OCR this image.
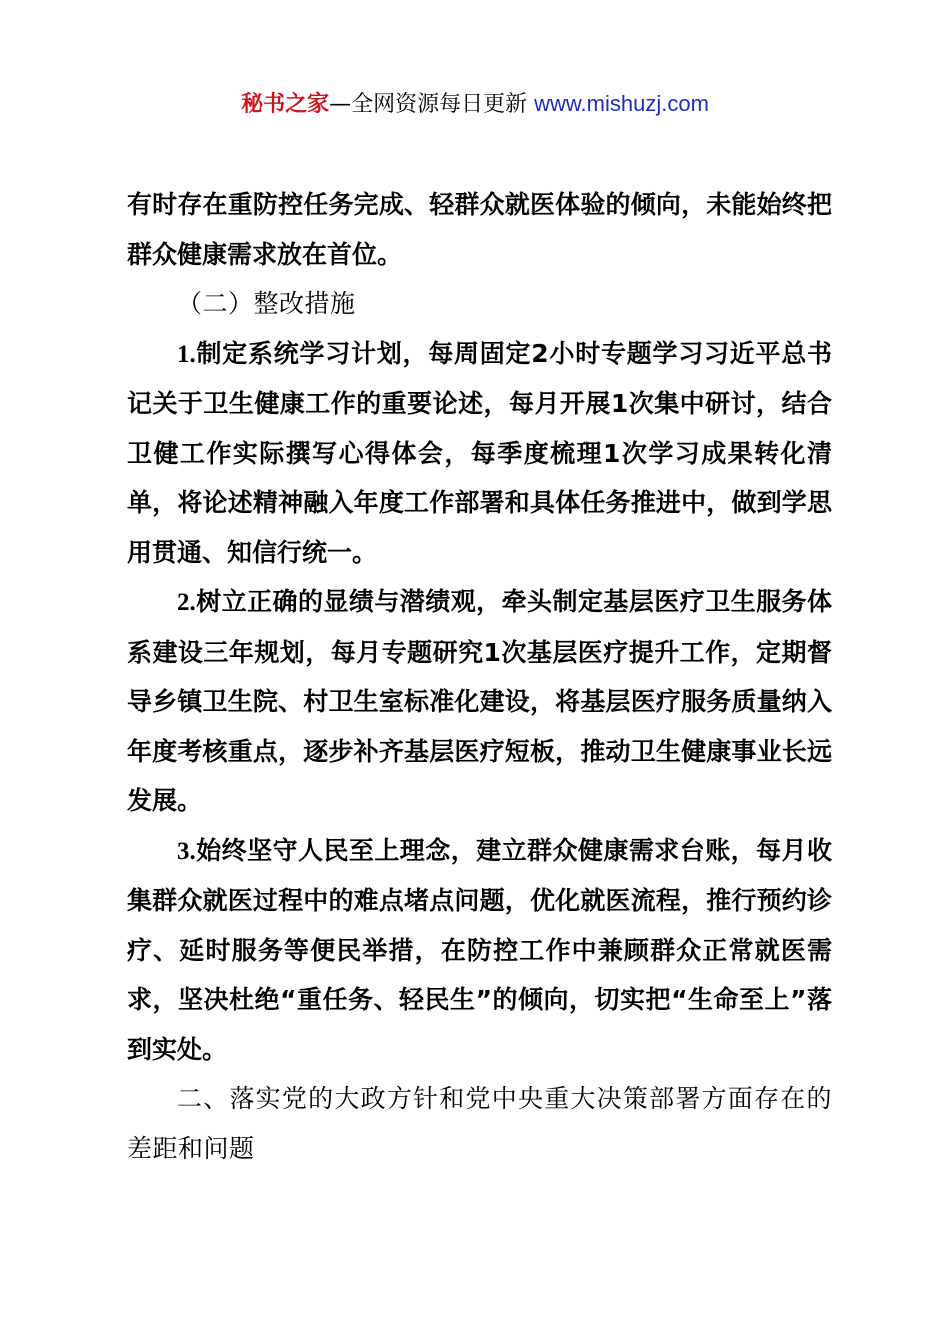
秘书之家—全网资源每日更新 www.mishuzj.com

有时存在重防控任务完成、轻群众就医体验的倾向，未能始终把群众健康需求放在首位。

（二）整改措施

1.制定系统学习计划，每周固定2小时专题学习习近平总书记关于卫生健康工作的重要论述，每月开展1次集中研讨，结合卫健工作实际撰写心得体会，每季度梳理1次学习成果转化清单，将论述精神融入年度工作部署和具体任务推进中，做到学思用贯通、知信行统一。

2.树立正确的显绩与潜绩观，牵头制定基层医疗卫生服务体系建设三年规划，每月专题研究1次基层医疗提升工作，定期督导乡镇卫生院、村卫生室标准化建设，将基层医疗服务质量纳入年度考核重点，逐步补齐基层医疗短板，推动卫生健康事业长远发展。

3.始终坚守人民至上理念，建立群众健康需求台账，每月收集群众就医过程中的难点堵点问题，优化就医流程，推行预约诊疗、延时服务等便民举措，在防控工作中兼顾群众正常就医需求，坚决杜绝“重任务、轻民生”的倾向，切实把“生命至上”落到实处。

二、落实党的大政方针和党中央重大决策部署方面存在的差距和问题
